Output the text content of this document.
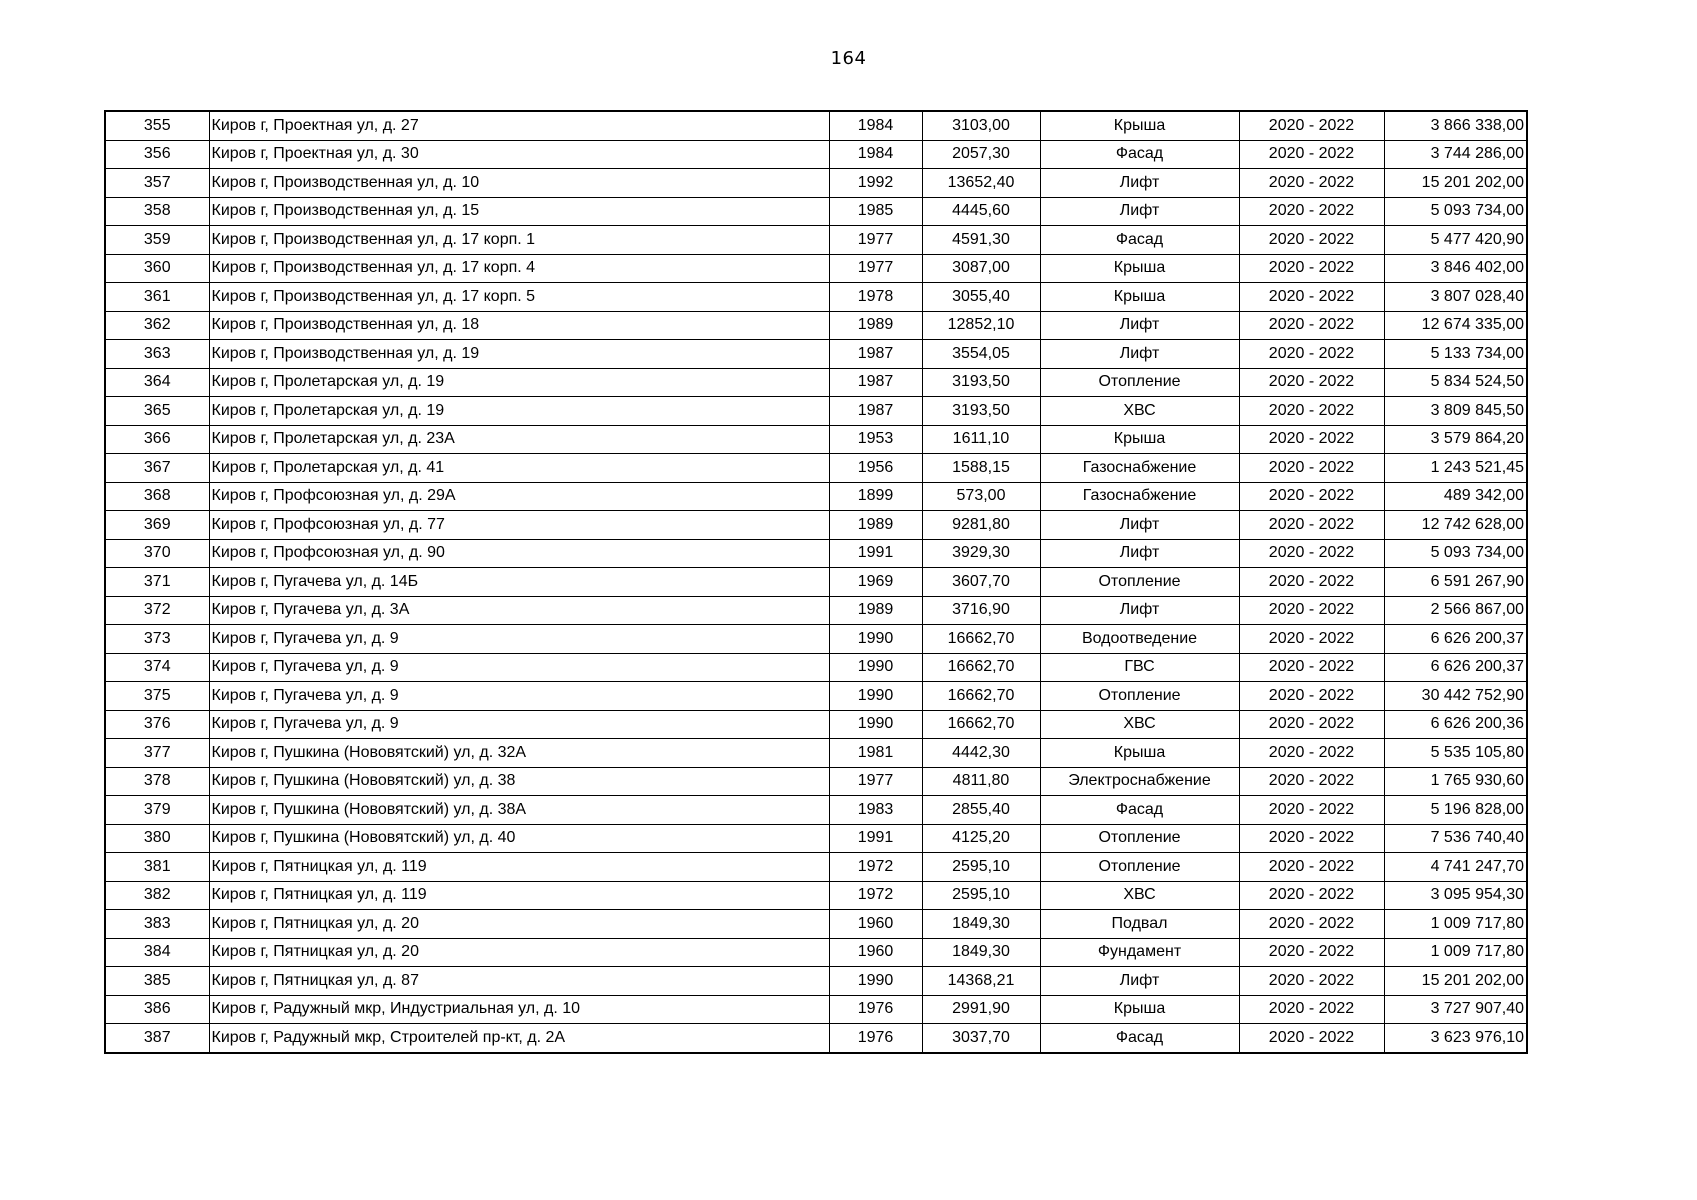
164
355	Киров г, Проектная ул, д. 27	1984	3103,00	Крыша	2020 - 2022	3 866 338,00
356	Киров г, Проектная ул, д. 30	1984	2057,30	Фасад	2020 - 2022	3 744 286,00
357	Киров г, Производственная ул, д. 10	1992	13652,40	Лифт	2020 - 2022	15 201 202,00
358	Киров г, Производственная ул, д. 15	1985	4445,60	Лифт	2020 - 2022	5 093 734,00
359	Киров г, Производственная ул, д. 17 корп. 1	1977	4591,30	Фасад	2020 - 2022	5 477 420,90
360	Киров г, Производственная ул, д. 17 корп. 4	1977	3087,00	Крыша	2020 - 2022	3 846 402,00
361	Киров г, Производственная ул, д. 17 корп. 5	1978	3055,40	Крыша	2020 - 2022	3 807 028,40
362	Киров г, Производственная ул, д. 18	1989	12852,10	Лифт	2020 - 2022	12 674 335,00
363	Киров г, Производственная ул, д. 19	1987	3554,05	Лифт	2020 - 2022	5 133 734,00
364	Киров г, Пролетарская ул, д. 19	1987	3193,50	Отопление	2020 - 2022	5 834 524,50
365	Киров г, Пролетарская ул, д. 19	1987	3193,50	ХВС	2020 - 2022	3 809 845,50
366	Киров г, Пролетарская ул, д. 23А	1953	1611,10	Крыша	2020 - 2022	3 579 864,20
367	Киров г, Пролетарская ул, д. 41	1956	1588,15	Газоснабжение	2020 - 2022	1 243 521,45
368	Киров г, Профсоюзная ул, д. 29А	1899	573,00	Газоснабжение	2020 - 2022	489 342,00
369	Киров г, Профсоюзная ул, д. 77	1989	9281,80	Лифт	2020 - 2022	12 742 628,00
370	Киров г, Профсоюзная ул, д. 90	1991	3929,30	Лифт	2020 - 2022	5 093 734,00
371	Киров г, Пугачева ул, д. 14Б	1969	3607,70	Отопление	2020 - 2022	6 591 267,90
372	Киров г, Пугачева ул, д. 3А	1989	3716,90	Лифт	2020 - 2022	2 566 867,00
373	Киров г, Пугачева ул, д. 9	1990	16662,70	Водоотведение	2020 - 2022	6 626 200,37
374	Киров г, Пугачева ул, д. 9	1990	16662,70	ГВС	2020 - 2022	6 626 200,37
375	Киров г, Пугачева ул, д. 9	1990	16662,70	Отопление	2020 - 2022	30 442 752,90
376	Киров г, Пугачева ул, д. 9	1990	16662,70	ХВС	2020 - 2022	6 626 200,36
377	Киров г, Пушкина (Нововятский) ул, д. 32А	1981	4442,30	Крыша	2020 - 2022	5 535 105,80
378	Киров г, Пушкина (Нововятский) ул, д. 38	1977	4811,80	Электроснабжение	2020 - 2022	1 765 930,60
379	Киров г, Пушкина (Нововятский) ул, д. 38А	1983	2855,40	Фасад	2020 - 2022	5 196 828,00
380	Киров г, Пушкина (Нововятский) ул, д. 40	1991	4125,20	Отопление	2020 - 2022	7 536 740,40
381	Киров г, Пятницкая ул, д. 119	1972	2595,10	Отопление	2020 - 2022	4 741 247,70
382	Киров г, Пятницкая ул, д. 119	1972	2595,10	ХВС	2020 - 2022	3 095 954,30
383	Киров г, Пятницкая ул, д. 20	1960	1849,30	Подвал	2020 - 2022	1 009 717,80
384	Киров г, Пятницкая ул, д. 20	1960	1849,30	Фундамент	2020 - 2022	1 009 717,80
385	Киров г, Пятницкая ул, д. 87	1990	14368,21	Лифт	2020 - 2022	15 201 202,00
386	Киров г, Радужный мкр, Индустриальная ул, д. 10	1976	2991,90	Крыша	2020 - 2022	3 727 907,40
387	Киров г, Радужный мкр, Строителей пр-кт, д. 2А	1976	3037,70	Фасад	2020 - 2022	3 623 976,10
